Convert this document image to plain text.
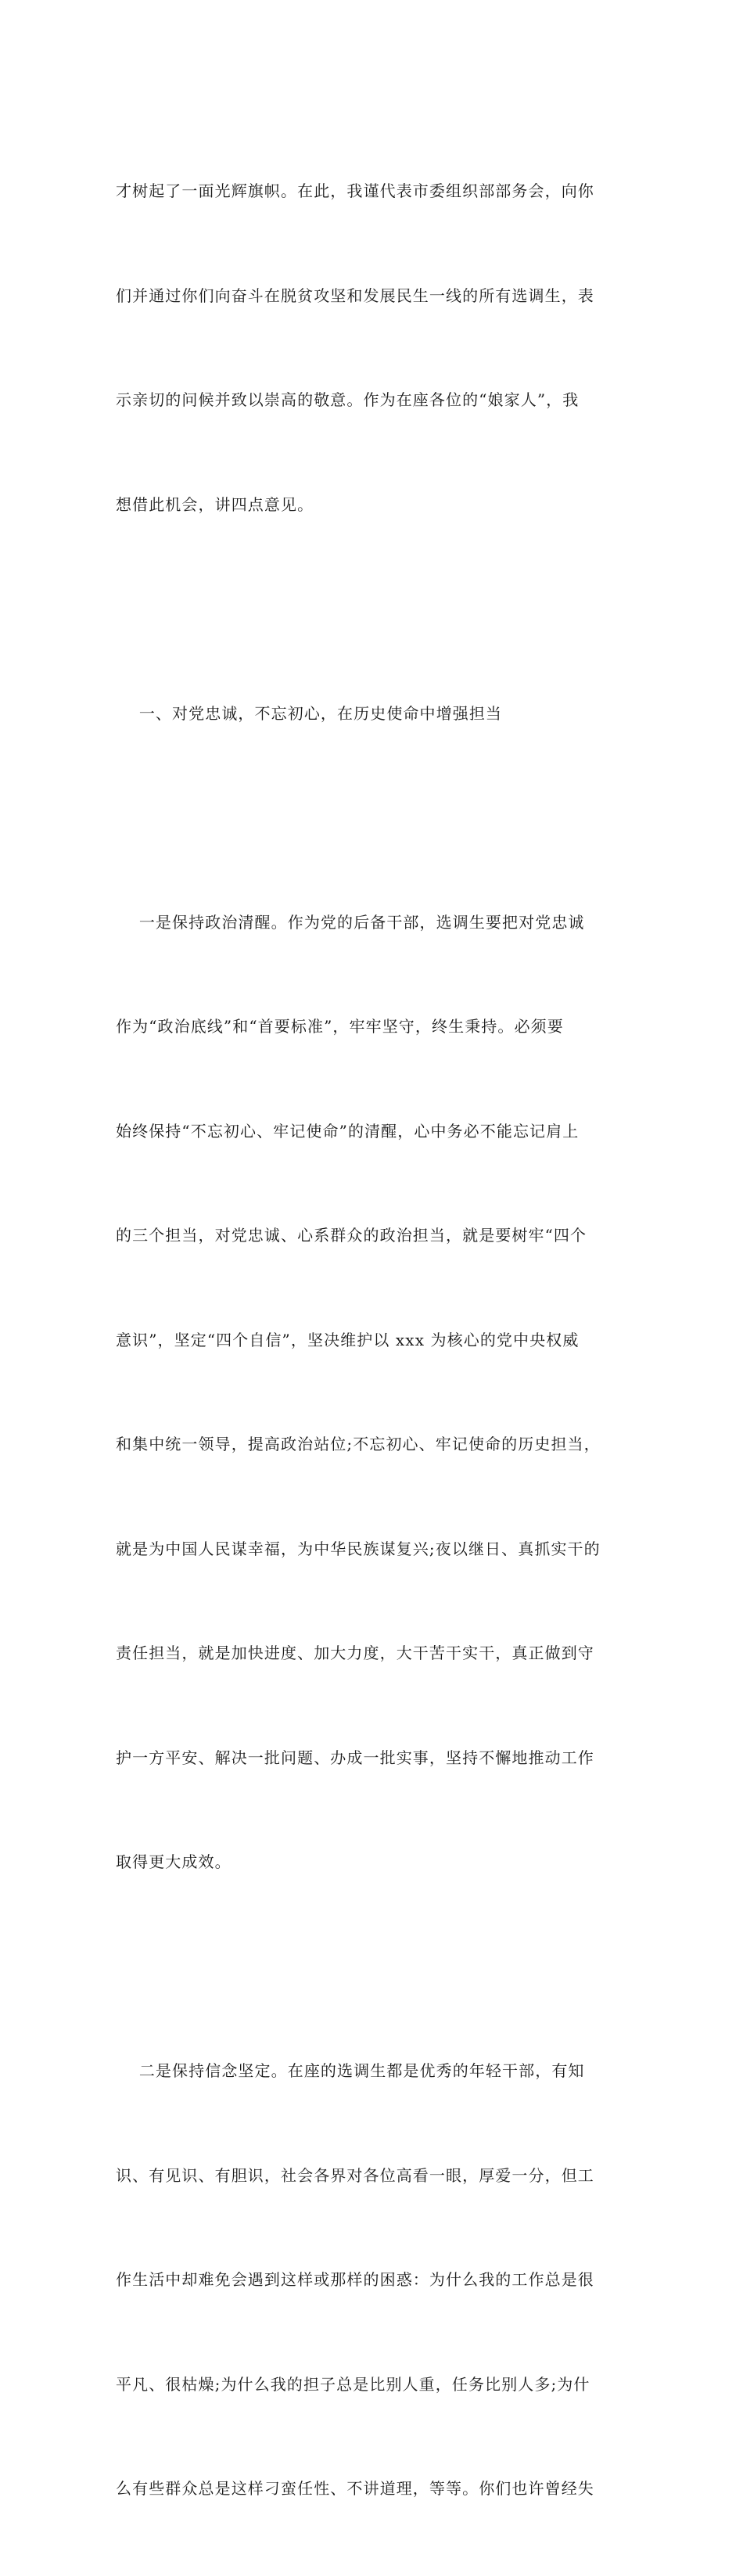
才树起了一面光辉旗帜。在此，我谨代表市委组织部部务会，向你

们并通过你们向奋斗在脱贫攻坚和发展民生一线的所有选调生，表

示亲切的问候并致以崇高的敬意。作为在座各位的“娘家人”，我

想借此机会，讲四点意见。

一、对党忠诚，不忘初心，在历史使命中增强担当

一是保持政治清醒。作为党的后备干部，选调生要把对党忠诚

作为“政治底线”和“首要标准”，牢牢坚守，终生秉持。必须要

始终保持“不忘初心、牢记使命”的清醒，心中务必不能忘记肩上

的三个担当，对党忠诚、心系群众的政治担当，就是要树牢“四个

意识”，坚定“四个自信”，坚决维护以 xxx 为核心的党中央权威

和集中统一领导，提高政治站位;不忘初心、牢记使命的历史担当，

就是为中国人民谋幸福，为中华民族谋复兴;夜以继日、真抓实干的

责任担当，就是加快进度、加大力度，大干苦干实干，真正做到守

护一方平安、解决一批问题、办成一批实事，坚持不懈地推动工作

取得更大成效。

二是保持信念坚定。在座的选调生都是优秀的年轻干部，有知

识、有见识、有胆识，社会各界对各位高看一眼，厚爱一分，但工

作生活中却难免会遇到这样或那样的困惑：为什么我的工作总是很

平凡、很枯燥;为什么我的担子总是比别人重，任务比别人多;为什

么有些群众总是这样刁蛮任性、不讲道理，等等。你们也许曾经失
